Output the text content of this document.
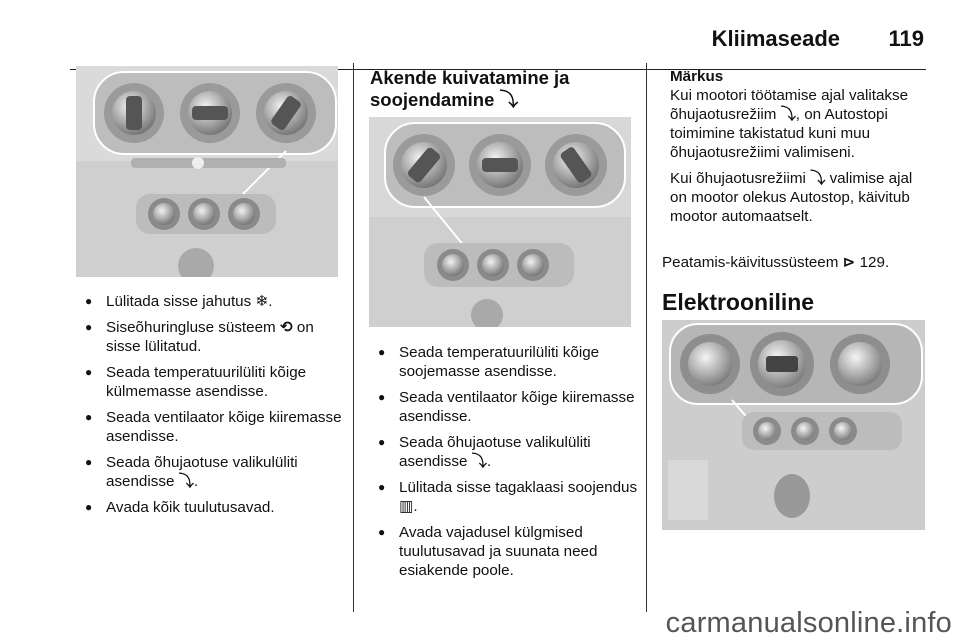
Kliimaseade 119
● Lülitada sisse jahutus ❄.
● Siseõhuringluse süsteem ⟲ on sisse lülitatud.
● Seada temperatuurilüliti kõige külmemasse asendisse.
● Seada ventilaator kõige kiiremasse asendisse.
● Seada õhujaotuse valikulüliti asendisse ⤵.
● Avada kõik tuulutusavad.
Akende kuivatamine ja soojendamine ⤵
● Seada temperatuurilüliti kõige soojemasse asendisse.
● Seada ventilaator kõige kiiremasse asendisse.
● Seada õhujaotuse valikulüliti asendisse ⤵.
● Lülitada sisse tagaklaasi soojendus ▥.
● Avada vajadusel külgmised tuulutusavad ja suunata need esiakende poole.
Märkus

Kui mootori töötamise ajal valitakse õhujaotusrežiim ⤵, on Autostopi toimimine takistatud kuni muu õhujaotusrežiimi valimiseni.

Kui õhujaotusrežiimi ⤵ valimise ajal on mootor olekus Autostop, käivitub mootor automaatselt.

Peatamis-käivitussüsteem ⊳ 129.
Elektrooniline
carmanualsonline.info
